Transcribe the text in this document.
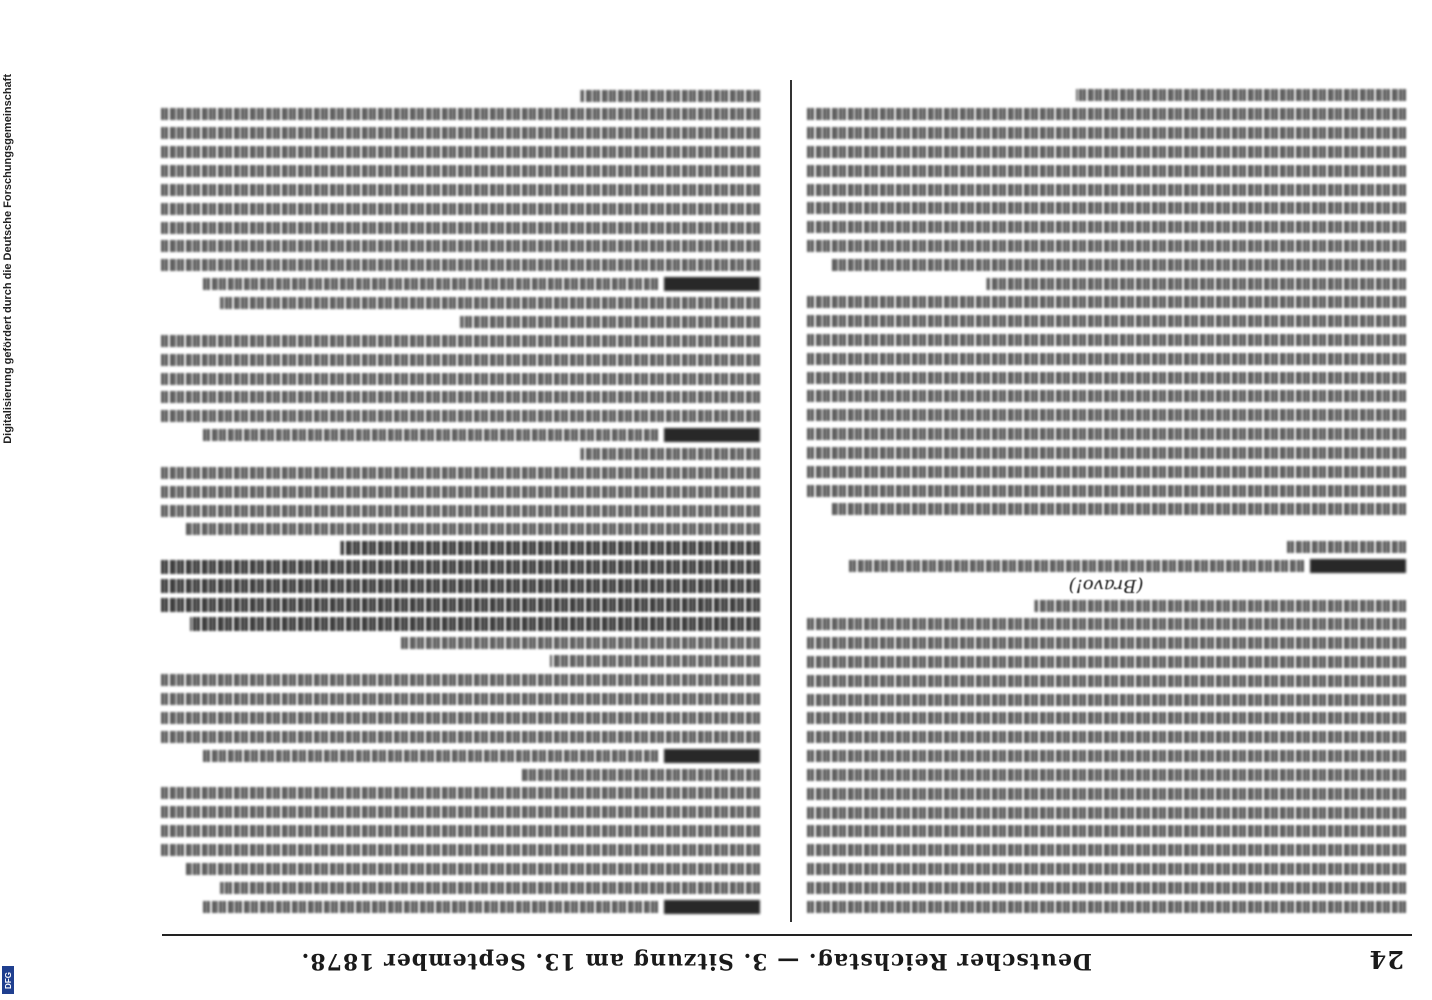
Digitalisierung gefördert durch die Deutsche Forschungsgemeinschaft
DFG
24
Deutscher Reichstag. — 3. Sitzung am 13. September 1878.
(Bravo!)
